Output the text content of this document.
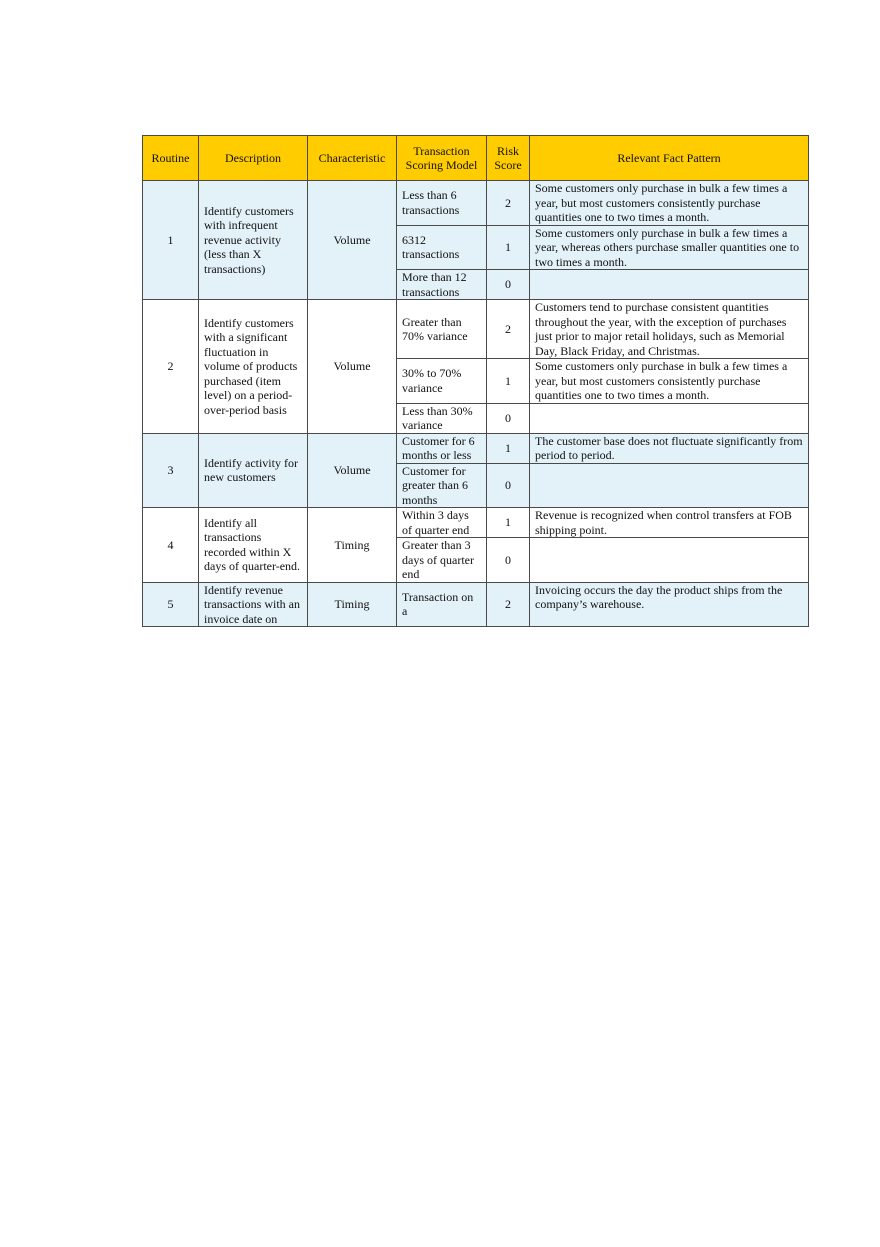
Routine	Description	Characteristic	Transaction Scoring Model	Risk Score	Relevant Fact Pattern
1	Identify customers with infrequent revenue activity (less than X transactions)	Volume	Less than 6 transactions	2	Some customers only purchase in bulk a few times a year, but most customers consistently purchase quantities one to two times a month.
			6312 transactions	1	Some customers only purchase in bulk a few times a year, whereas others purchase smaller quantities one to two times a month.
			More than 12 transactions	0	
2	Identify customers with a significant fluctuation in volume of products purchased (item level) on a period-over-period basis	Volume	Greater than 70% variance	2	Customers tend to purchase consistent quantities throughout the year, with the exception of purchases just prior to major retail holidays, such as Memorial Day, Black Friday, and Christmas.
			30% to 70% variance	1	Some customers only purchase in bulk a few times a year, but most customers consistently purchase quantities one to two times a month.
			Less than 30% variance	0	
3	Identify activity for new customers	Volume	Customer for 6 months or less	1	The customer base does not fluctuate significantly from period to period.
			Customer for greater than 6 months	0	
4	Identify all transactions recorded within X days of quarter-end.	Timing	Within 3 days of quarter end	1	Revenue is recognized when control transfers at FOB shipping point.
			Greater than 3 days of quarter end	0	
5	Identify revenue transactions with an invoice date on	Timing	Transaction on a	2	Invoicing occurs the day the product ships from the company’s warehouse.
